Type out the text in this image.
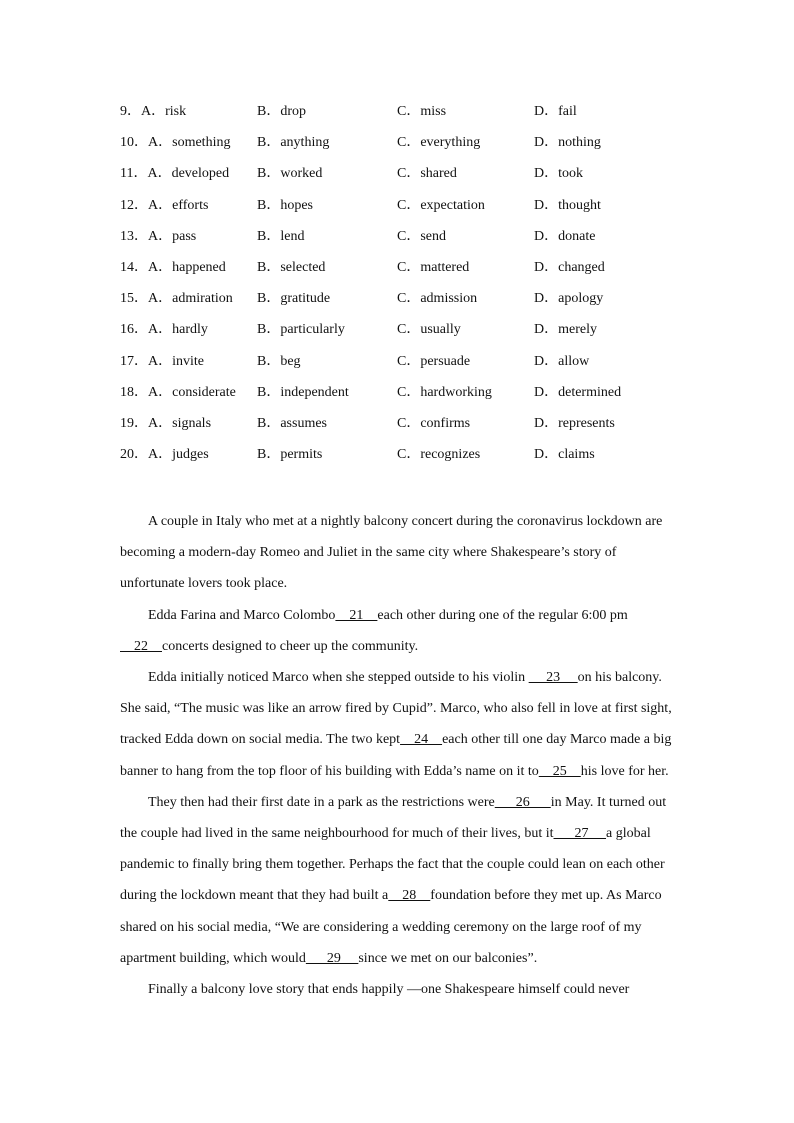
9．A．risk	B．drop	C．miss	D．fail
10．A．something B．anything	C．everything	D．nothing
11．A．developed B．worked	C．shared	D．took
12．A．efforts	B．hopes	C．expectation	D．thought
13．A．pass	B．lend	C．send	D．donate
14．A．happened B．selected	C．mattered	D．changed
15．A．admiration B．gratitude	C．admission	D．apology
16．A．hardly	B．particularly	C．usually	D．merely
17．A．invite	B．beg	C．persuade	D．allow
18．A．considerate B．independent	C．hardworking	D．determined
19．A．signals	B．assumes	C．confirms	D．represents
20．A．judges	B．permits	C．recognizes	D．claims

A couple in Italy who met at a nightly balcony concert during the coronavirus lockdown are becoming a modern-day Romeo and Juliet in the same city where Shakespeare’s story of unfortunate lovers took place.

Edda Farina and Marco Colombo    21    each other during one of the regular 6:00 pm    22    concerts designed to cheer up the community.

Edda initially noticed Marco when she stepped outside to his violin      23     on his balcony. She said, “The music was like an arrow fired by Cupid”. Marco, who also fell in love at first sight, tracked Edda down on social media. The two kept    24    each other till one day Marco made a big banner to hang from the top floor of his building with Edda’s name on it to    25    his love for her.

They then had their first date in a park as the restrictions were      26      in May. It turned out the couple had lived in the same neighbourhood for much of their lives, but it      27     a global pandemic to finally bring them together. Perhaps the fact that the couple could lean on each other during the lockdown meant that they had built a    28    foundation before they met up. As Marco shared on his social media, “We are considering a wedding ceremony on the large roof of my apartment building, which would      29     since we met on our balconies”.

Finally a balcony love story that ends happily —one Shakespeare himself could never
